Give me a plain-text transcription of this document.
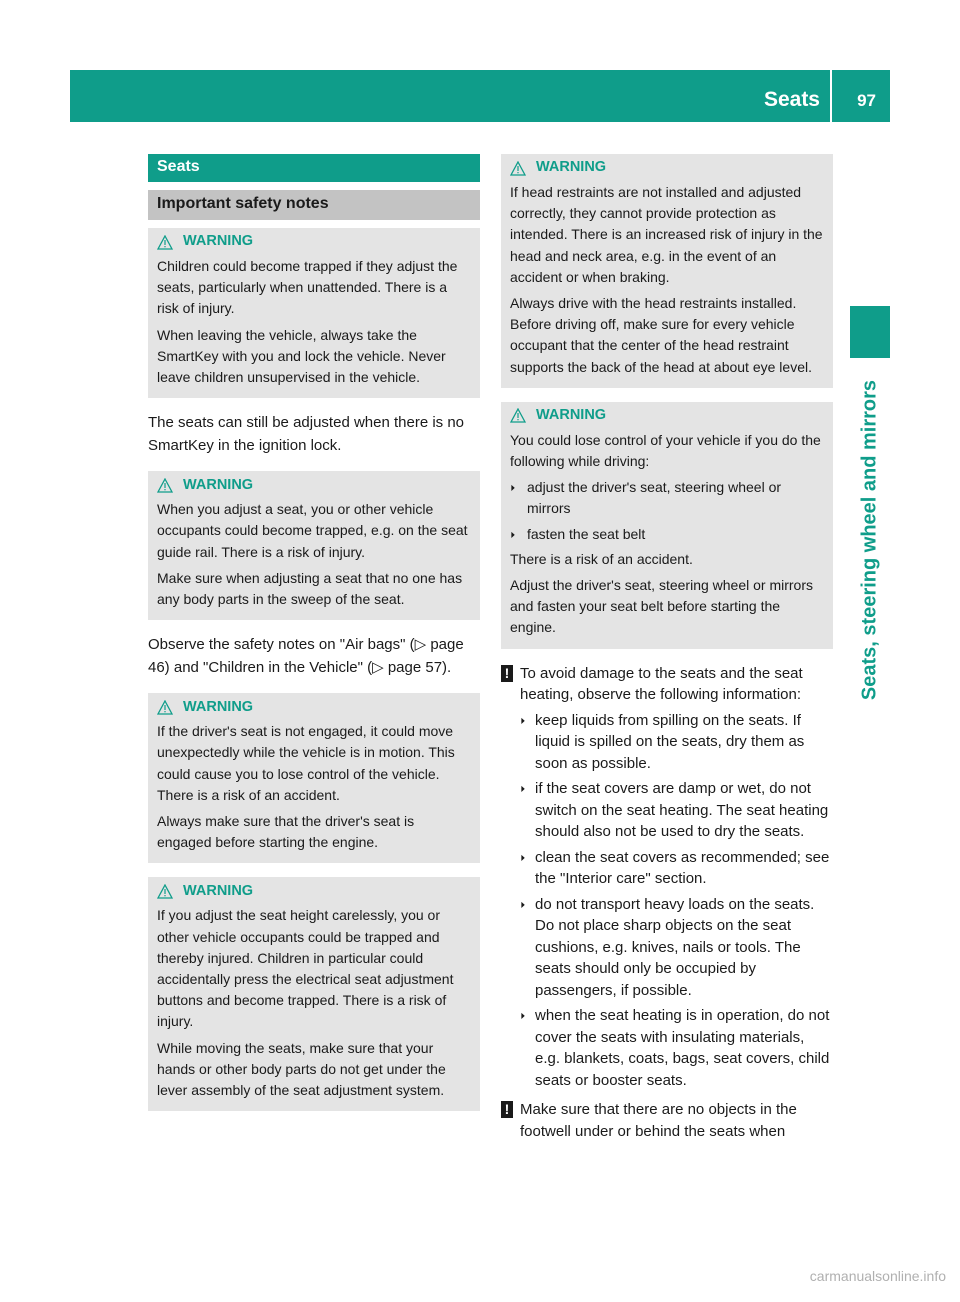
Seats 97
Seats, steering wheel and mirrors
Seats
Important safety notes
WARNING

Children could become trapped if they adjust the seats, particularly when unattended. There is a risk of injury.

When leaving the vehicle, always take the SmartKey with you and lock the vehicle. Never leave children unsupervised in the vehicle.

The seats can still be adjusted when there is no SmartKey in the ignition lock.

WARNING

When you adjust a seat, you or other vehicle occupants could become trapped, e.g. on the seat guide rail. There is a risk of injury.

Make sure when adjusting a seat that no one has any body parts in the sweep of the seat.

Observe the safety notes on "Air bags" (▷ page 46) and "Children in the Vehicle" (▷ page 57).

WARNING

If the driver's seat is not engaged, it could move unexpectedly while the vehicle is in motion. This could cause you to lose control of the vehicle. There is a risk of an accident.

Always make sure that the driver's seat is engaged before starting the engine.

WARNING

If you adjust the seat height carelessly, you or other vehicle occupants could be trapped and thereby injured. Children in particular could accidentally press the electrical seat adjustment buttons and become trapped. There is a risk of injury.

While moving the seats, make sure that your hands or other body parts do not get under the lever assembly of the seat adjustment system.

WARNING

If head restraints are not installed and adjusted correctly, they cannot provide protection as intended. There is an increased risk of injury in the head and neck area, e.g. in the event of an accident or when braking.

Always drive with the head restraints installed. Before driving off, make sure for every vehicle occupant that the center of the head restraint supports the back of the head at about eye level.

WARNING

You could lose control of your vehicle if you do the following while driving:

▶ adjust the driver's seat, steering wheel or mirrors
▶ fasten the seat belt

There is a risk of an accident.

Adjust the driver's seat, steering wheel or mirrors and fasten your seat belt before starting the engine.

! To avoid damage to the seats and the seat heating, observe the following information:
▶ keep liquids from spilling on the seats. If liquid is spilled on the seats, dry them as soon as possible.
▶ if the seat covers are damp or wet, do not switch on the seat heating. The seat heating should also not be used to dry the seats.
▶ clean the seat covers as recommended; see the "Interior care" section.
▶ do not transport heavy loads on the seats. Do not place sharp objects on the seat cushions, e.g. knives, nails or tools. The seats should only be occupied by passengers, if possible.
▶ when the seat heating is in operation, do not cover the seats with insulating materials, e.g. blankets, coats, bags, seat covers, child seats or booster seats.
! Make sure that there are no objects in the footwell under or behind the seats when
carmanualsonline.info
